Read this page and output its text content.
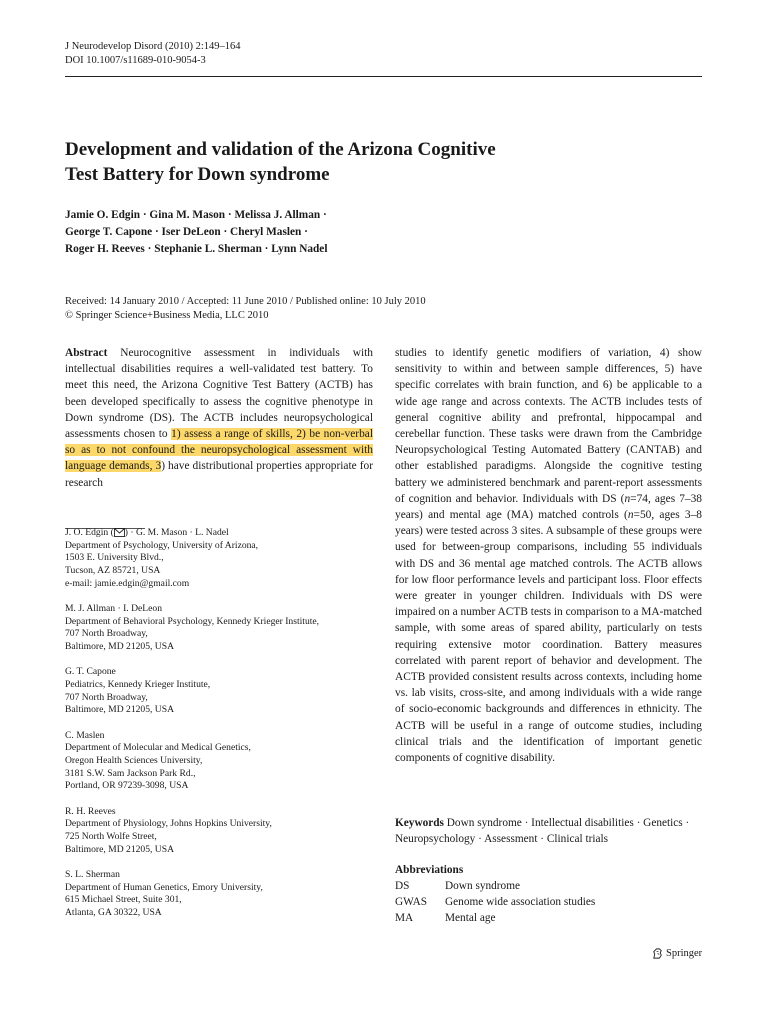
J Neurodevelop Disord (2010) 2:149–164
DOI 10.1007/s11689-010-9054-3
Development and validation of the Arizona Cognitive
Test Battery for Down syndrome
Jamie O. Edgin · Gina M. Mason · Melissa J. Allman ·
George T. Capone · Iser DeLeon · Cheryl Maslen ·
Roger H. Reeves · Stephanie L. Sherman · Lynn Nadel
Received: 14 January 2010 / Accepted: 11 June 2010 / Published online: 10 July 2010
© Springer Science+Business Media, LLC 2010

Abstract Neurocognitive assessment in individuals with intellectual disabilities requires a well-validated test battery. To meet this need, the Arizona Cognitive Test Battery (ACTB) has been developed specifically to assess the cognitive phenotype in Down syndrome (DS). The ACTB includes neuropsychological assessments chosen to 1) assess a range of skills, 2) be non-verbal so as to not confound the neuropsychological assessment with language demands, 3) have distributional properties appropriate for research

J. O. Edgin ( ) · G. M. Mason · L. Nadel
Department of Psychology, University of Arizona,
1503 E. University Blvd.,
Tucson, AZ 85721, USA
e-mail: jamie.edgin@gmail.com
M. J. Allman · I. DeLeon
Department of Behavioral Psychology, Kennedy Krieger Institute,
707 North Broadway,
Baltimore, MD 21205, USA
G. T. Capone
Pediatrics, Kennedy Krieger Institute,
707 North Broadway,
Baltimore, MD 21205, USA
C. Maslen
Department of Molecular and Medical Genetics,
Oregon Health Sciences University,
3181 S.W. Sam Jackson Park Rd.,
Portland, OR 97239-3098, USA
R. H. Reeves
Department of Physiology, Johns Hopkins University,
725 North Wolfe Street,
Baltimore, MD 21205, USA
S. L. Sherman
Department of Human Genetics, Emory University,
615 Michael Street, Suite 301,
Atlanta, GA 30322, USA

studies to identify genetic modifiers of variation, 4) show sensitivity to within and between sample differences, 5) have specific correlates with brain function, and 6) be applicable to a wide age range and across contexts. The ACTB includes tests of general cognitive ability and prefrontal, hippocampal and cerebellar function. These tasks were drawn from the Cambridge Neuropsychological Testing Automated Battery (CANTAB) and other established paradigms. Alongside the cognitive testing battery we administered benchmark and parent-report assessments of cognition and behavior. Individuals with DS (n=74, ages 7–38 years) and mental age (MA) matched controls (n=50, ages 3–8 years) were tested across 3 sites. A subsample of these groups were used for between-group comparisons, including 55 individuals with DS and 36 mental age matched controls. The ACTB allows for low floor performance levels and participant loss. Floor effects were greater in younger children. Individuals with DS were impaired on a number ACTB tests in comparison to a MA-matched sample, with some areas of spared ability, particularly on tests requiring extensive motor coordination. Battery measures correlated with parent report of behavior and development. The ACTB provided consistent results across contexts, including home vs. lab visits, cross-site, and among individuals with a wide range of socio-economic backgrounds and differences in ethnicity. The ACTB will be useful in a range of outcome studies, including clinical trials and the identification of important genetic components of cognitive disability.

Keywords Down syndrome · Intellectual disabilities · Genetics · Neuropsychology · Assessment · Clinical trials
Abbreviations
DS	Down syndrome
GWAS	Genome wide association studies
MA	Mental age
Springer
